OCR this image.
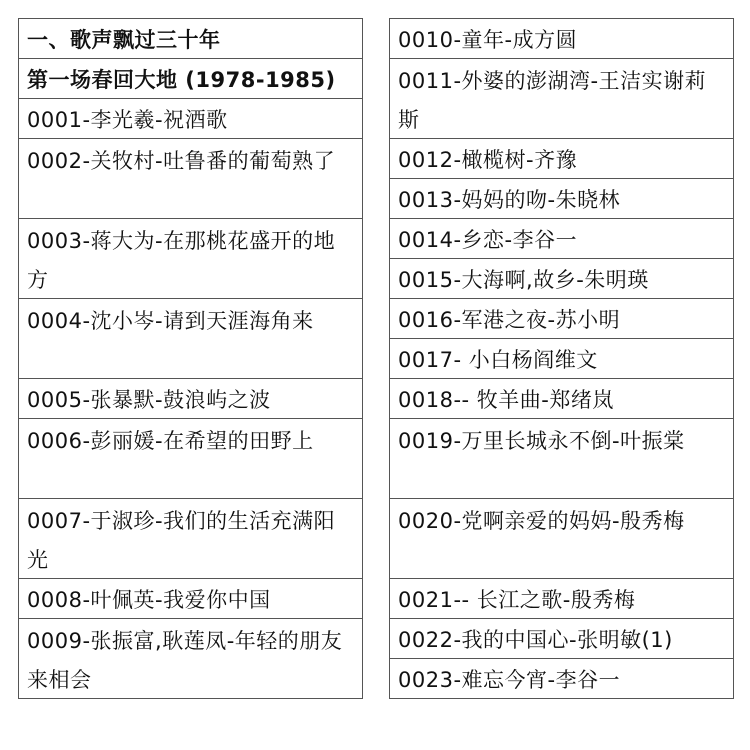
一、歌声飘过三十年
第一场春回大地 (1978-1985)
0001-李光羲-祝酒歌
0002-关牧村-吐鲁番的葡萄熟了
0003-蒋大为-在那桃花盛开的地方
0004-沈小岑-请到天涯海角来
0005-张暴默-鼓浪屿之波
0006-彭丽媛-在希望的田野上
0007-于淑珍-我们的生活充满阳光
0008-叶佩英-我爱你中国
0009-张振富,耿莲凤-年轻的朋友来相会
0010-童年-成方圆
0011-外婆的澎湖湾-王洁实谢莉斯
0012-橄榄树-齐豫
0013-妈妈的吻-朱晓林
0014-乡恋-李谷一
0015-大海啊,故乡-朱明瑛
0016-军港之夜-苏小明
0017- 小白杨阎维文
0018-- 牧羊曲-郑绪岚
0019-万里长城永不倒-叶振棠
0020-党啊亲爱的妈妈-殷秀梅
0021-- 长江之歌-殷秀梅
0022-我的中国心-张明敏(1)
0023-难忘今宵-李谷一
